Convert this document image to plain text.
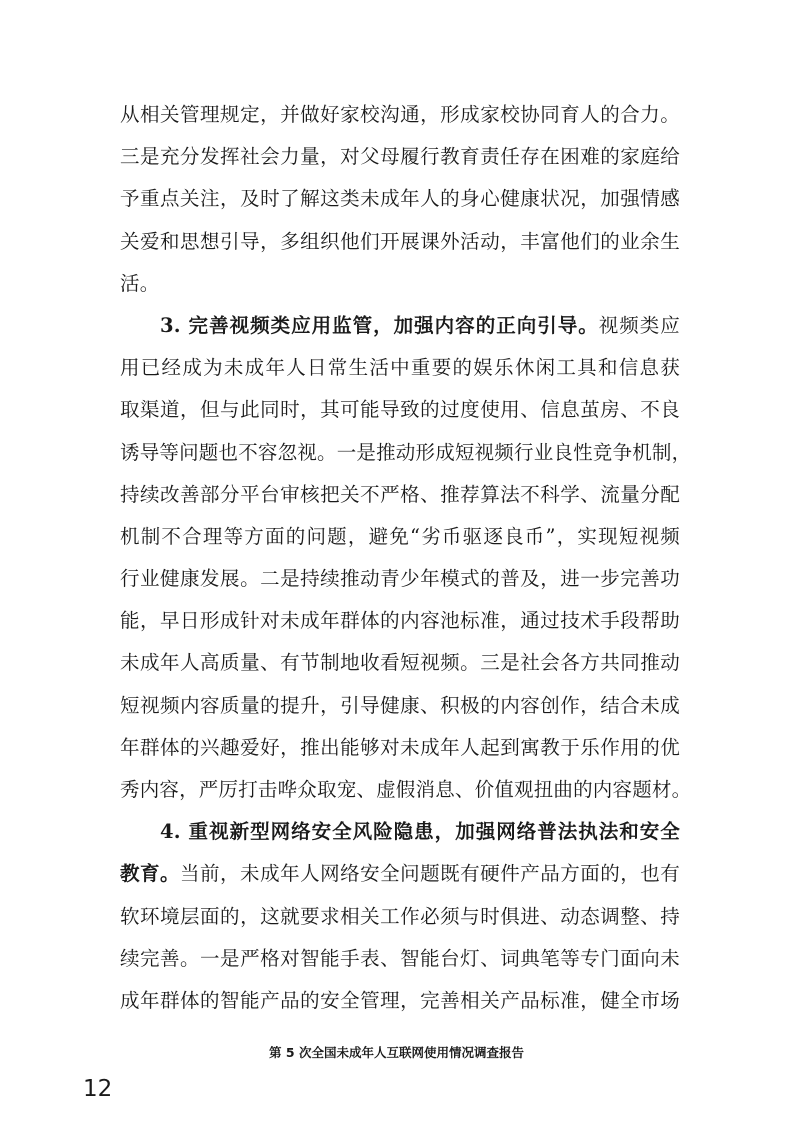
从相关管理规定，并做好家校沟通，形成家校协同育人的合力。
三是充分发挥社会力量，对父母履行教育责任存在困难的家庭给
予重点关注，及时了解这类未成年人的身心健康状况，加强情感
关爱和思想引导，多组织他们开展课外活动，丰富他们的业余生
活。
3. 完善视频类应用监管，加强内容的正向引导。视频类应
用已经成为未成年人日常生活中重要的娱乐休闲工具和信息获
取渠道，但与此同时，其可能导致的过度使用、信息茧房、不良
诱导等问题也不容忽视。一是推动形成短视频行业良性竞争机制，
持续改善部分平台审核把关不严格、推荐算法不科学、流量分配
机制不合理等方面的问题，避免“劣币驱逐良币”，实现短视频
行业健康发展。二是持续推动青少年模式的普及，进一步完善功
能，早日形成针对未成年群体的内容池标准，通过技术手段帮助
未成年人高质量、有节制地收看短视频。三是社会各方共同推动
短视频内容质量的提升，引导健康、积极的内容创作，结合未成
年群体的兴趣爱好，推出能够对未成年人起到寓教于乐作用的优
秀内容，严厉打击哗众取宠、虚假消息、价值观扭曲的内容题材。
4. 重视新型网络安全风险隐患，加强网络普法执法和安全
教育。当前，未成年人网络安全问题既有硬件产品方面的，也有
软环境层面的，这就要求相关工作必须与时俱进、动态调整、持
续完善。一是严格对智能手表、智能台灯、词典笔等专门面向未
成年群体的智能产品的安全管理，完善相关产品标准，健全市场
第 5 次全国未成年人互联网使用情况调查报告
12
